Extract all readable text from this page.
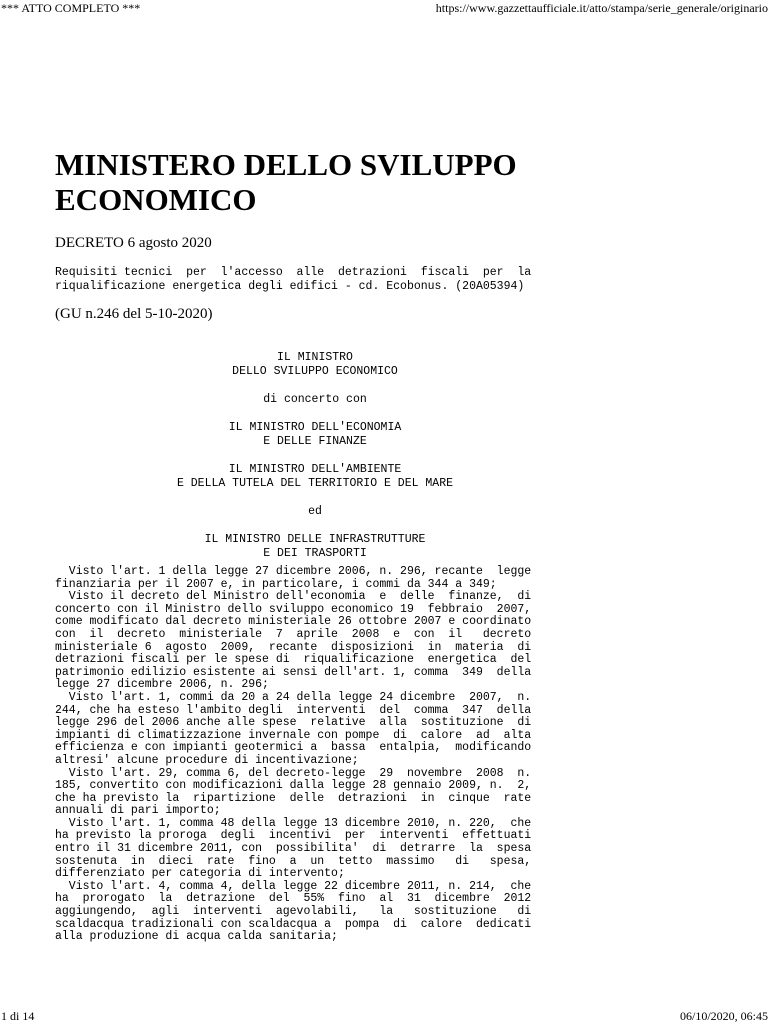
*** ATTO COMPLETO ***	https://www.gazzettaufficiale.it/atto/stampa/serie_generale/originario
MINISTERO DELLO SVILUPPO ECONOMICO
DECRETO 6 agosto 2020
Requisiti tecnici  per  l'accesso  alle  detrazioni  fiscali  per  la
riqualificazione energetica degli edifici - cd. Ecobonus. (20A05394)
(GU n.246 del 5-10-2020)
IL MINISTRO
DELLO SVILUPPO ECONOMICO
di concerto con
IL MINISTRO DELL'ECONOMIA
E DELLE FINANZE
IL MINISTRO DELL'AMBIENTE
E DELLA TUTELA DEL TERRITORIO E DEL MARE
ed
IL MINISTRO DELLE INFRASTRUTTURE
E DEI TRASPORTI
Visto l'art. 1 della legge 27 dicembre 2006, n. 296, recante  legge
finanziaria per il 2007 e, in particolare, i commi da 344 a 349;
Visto il decreto del Ministro dell'economia  e  delle  finanze,  di
concerto con il Ministro dello sviluppo economico 19  febbraio  2007,
come modificato dal decreto ministeriale 26 ottobre 2007 e coordinato
con  il  decreto  ministeriale  7  aprile  2008  e  con  il   decreto
ministeriale 6  agosto  2009,  recante  disposizioni  in  materia  di
detrazioni fiscali per le spese di  riqualificazione  energetica  del
patrimonio edilizio esistente ai sensi dell'art. 1, comma  349  della
legge 27 dicembre 2006, n. 296;
Visto l'art. 1, commi da 20 a 24 della legge 24 dicembre  2007,  n.
244, che ha esteso l'ambito degli  interventi  del  comma  347  della
legge 296 del 2006 anche alle spese  relative  alla  sostituzione  di
impianti di climatizzazione invernale con pompe  di  calore  ad  alta
efficienza e con impianti geotermici a  bassa  entalpia,  modificando
altresi' alcune procedure di incentivazione;
Visto l'art. 29, comma 6, del decreto-legge  29  novembre  2008  n.
185, convertito con modificazioni dalla legge 28 gennaio 2009, n.  2,
che ha previsto la  ripartizione  delle  detrazioni  in  cinque  rate
annuali di pari importo;
Visto l'art. 1, comma 48 della legge 13 dicembre 2010, n. 220,  che
ha previsto la proroga  degli  incentivi  per  interventi  effettuati
entro il 31 dicembre 2011, con  possibilita'  di  detrarre  la  spesa
sostenuta  in  dieci  rate  fino  a  un  tetto  massimo   di   spesa,
differenziato per categoria di intervento;
Visto l'art. 4, comma 4, della legge 22 dicembre 2011, n. 214,  che
ha  prorogato  la  detrazione  del  55%  fino  al  31  dicembre  2012
aggiungendo,  agli  interventi  agevolabili,   la   sostituzione   di
scaldacqua tradizionali con scaldacqua a  pompa  di  calore  dedicati
alla produzione di acqua calda sanitaria;
1 di 14	06/10/2020, 06:45
